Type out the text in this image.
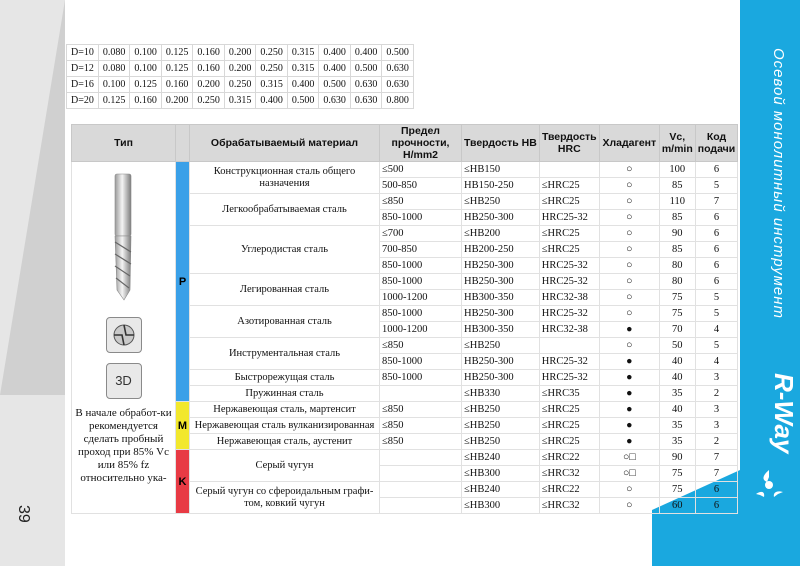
39
Осевой монолитный инструмент
R-Way
D=10	0.080	0.100	0.125	0.160	0.200	0.250	0.315	0.400	0.400	0.500
D=12	0.080	0.100	0.125	0.160	0.200	0.250	0.315	0.400	0.500	0.630
D=16	0.100	0.125	0.160	0.200	0.250	0.315	0.400	0.500	0.630	0.630
D=20	0.125	0.160	0.200	0.250	0.315	0.400	0.500	0.630	0.630	0.800
Тип		Обрабатываемый материал	Предел прочности, Н/mm2	Твердость НВ	Твердость HRC	Хладагент	Vc, m/min	Код подачи

3D
В начале обработ-ки рекомендуется сделать пробный проход при 85% Vc или 85% fz относительно ука-	P	Конструкционная сталь общего назначения	≤500	≤HB150		○	100	6
			500-850	HB150-250	≤HRC25	○	85	5
		Легкообрабатываемая сталь	≤850	≤HB250	≤HRC25	○	110	7
			850-1000	HB250-300	HRC25-32	○	85	6
		Углеродистая сталь	≤700	≤HB200	≤HRC25	○	90	6
			700-850	HB200-250	≤HRC25	○	85	6
			850-1000	HB250-300	HRC25-32	○	80	6
		Легированная сталь	850-1000	HB250-300	HRC25-32	○	80	6
			1000-1200	HB300-350	HRC32-38	○	75	5
		Азотированная сталь	850-1000	HB250-300	HRC25-32	○	75	5
			1000-1200	HB300-350	HRC32-38	●	70	4
		Инструментальная сталь	≤850	≤HB250		○	50	5
			850-1000	HB250-300	HRC25-32	●	40	4
		Быстрорежущая сталь	850-1000	HB250-300	HRC25-32	●	40	3
		Пружинная сталь		≤HB330	≤HRC35	●	35	2
	M	Нержавеющая сталь, мартенсит	≤850	≤HB250	≤HRC25	●	40	3
		Нержавеющая сталь вулканизированная	≤850	≤HB250	≤HRC25	●	35	3
		Нержавеющая сталь, аустенит	≤850	≤HB250	≤HRC25	●	35	2
	K	Серый чугун		≤HB240	≤HRC22	○□	90	7
				≤HB300	≤HRC32	○□	75	7
		Серый чугун со сфероидальным графи-том, ковкий чугун		≤HB240	≤HRC22	○	75	6
				≤HB300	≤HRC32	○	60	6
